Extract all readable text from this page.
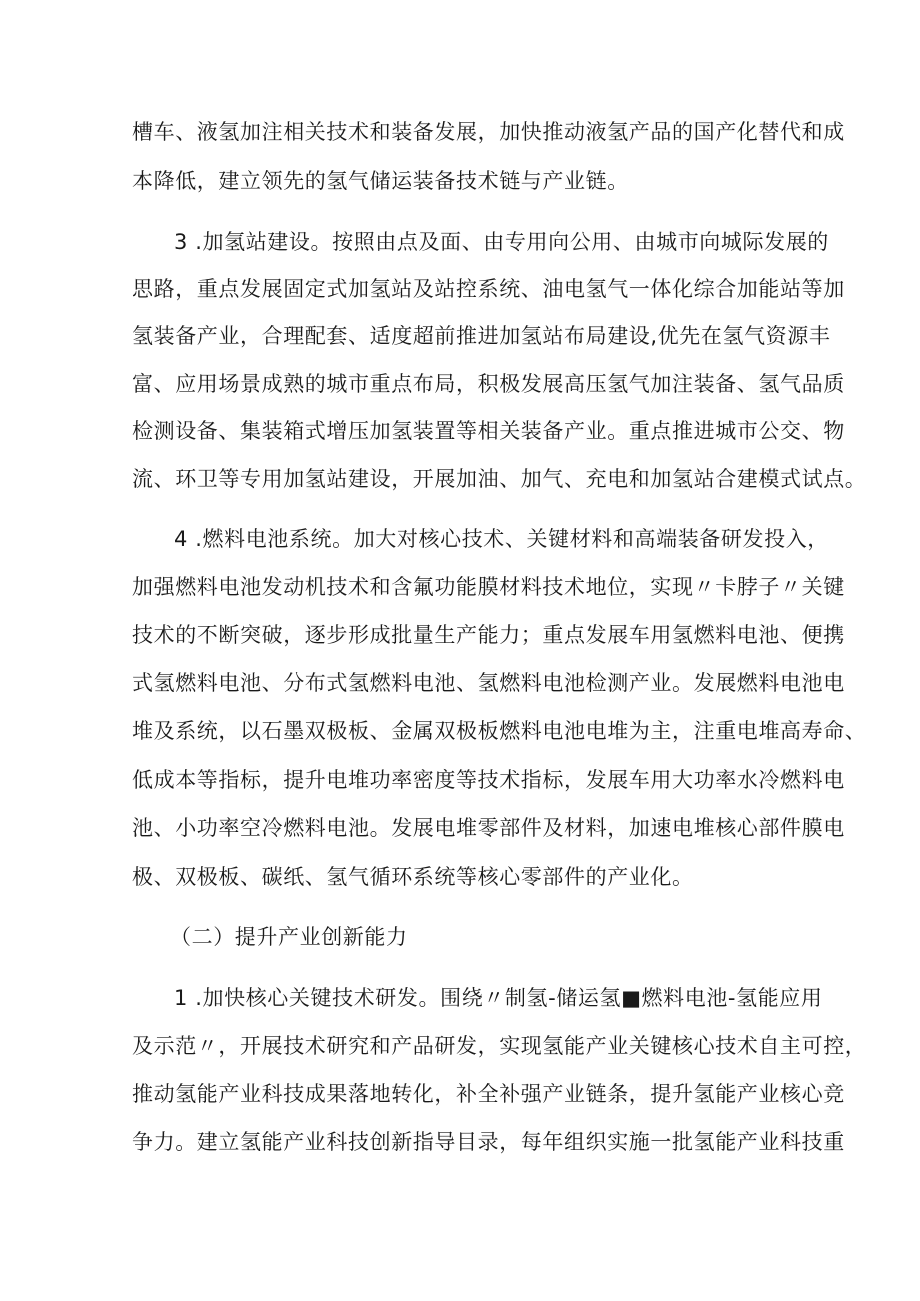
槽车、液氢加注相关技术和装备发展，加快推动液氢产品的国产化替代和成
本降低，建立领先的氢气储运装备技术链与产业链。
3 .加氢站建设。按照由点及面、由专用向公用、由城市向城际发展的
思路，重点发展固定式加氢站及站控系统、油电氢气一体化综合加能站等加
氢装备产业，合理配套、适度超前推进加氢站布局建设,优先在氢气资源丰
富、应用场景成熟的城市重点布局，积极发展高压氢气加注装备、氢气品质
检测设备、集装箱式增压加氢装置等相关装备产业。重点推进城市公交、物
流、环卫等专用加氢站建设，开展加油、加气、充电和加氢站合建模式试点。
4 .燃料电池系统。加大对核心技术、关键材料和高端装备研发投入，
加强燃料电池发动机技术和含氟功能膜材料技术地位，实现〃卡脖子〃关键
技术的不断突破，逐步形成批量生产能力；重点发展车用氢燃料电池、便携
式氢燃料电池、分布式氢燃料电池、氢燃料电池检测产业。发展燃料电池电
堆及系统，以石墨双极板、金属双极板燃料电池电堆为主，注重电堆高寿命、
低成本等指标，提升电堆功率密度等技术指标，发展车用大功率水冷燃料电
池、小功率空冷燃料电池。发展电堆零部件及材料，加速电堆核心部件膜电
极、双极板、碳纸、氢气循环系统等核心零部件的产业化。
（二）提升产业创新能力
1 .加快核心关键技术研发。围绕〃制氢-储运氢■燃料电池-氢能应用
及示范〃，开展技术研究和产品研发，实现氢能产业关键核心技术自主可控，
推动氢能产业科技成果落地转化，补全补强产业链条，提升氢能产业核心竞
争力。建立氢能产业科技创新指导目录，每年组织实施一批氢能产业科技重
